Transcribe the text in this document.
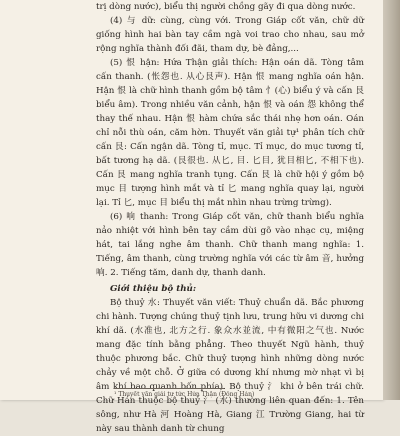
trị dòng nước), biểu thị người chồng gãy đi qua dòng nước.

(4) 与 dữ: cùng, cùng với. Trong Giáp cốt văn, chữ dữ giống hình hai bàn tay cầm ngà voi trao cho nhau, sau mở rộng nghĩa thành đối đãi, tham dự, bè đảng,...

(5) 恨 hận: Hứa Thận giải thích: Hận oán dã. Tòng tâm cấn thanh. (怅怨也. 从心艮声). Hận 恨 mang nghĩa oán hận. Hận 恨 là chữ hình thanh gồm bộ tâm 忄(心) biểu ý và cấn 艮 biểu âm). Trong nhiều văn cảnh, hận 恨 và oán 怨 không thể thay thế nhau. Hận 恨 hàm chứa sắc thái nhẹ hơn oán. Oán chỉ nỗi thù oán, căm hờn. Thuyết văn giải tự¹ phân tích chữ cấn 艮: Cấn ngận dã. Tòng tỉ, mục. Tỉ mục, do mục tương tỉ, bất tương hạ dã. (艮很也. 从匕, 目. 匕目, 犹目相匕, 不相下也). Cấn 艮 mang nghĩa tranh tụng. Cấn 艮 là chữ hội ý gồm bộ mục 目 tượng hình mắt và tỉ 匕 mang nghĩa quay lại, người lại. Tỉ 匕, mục 目 biểu thị mắt nhìn nhau trừng trừng).

(6) 响 thanh: Trong Giáp cốt văn, chữ thanh biểu nghĩa nảo nhiệt với hình bên tay cầm dùi gõ vào nhạc cụ, miệng hát, tai lắng nghe âm thanh. Chữ thanh mang nghĩa: 1. Tiếng, âm thanh, cùng trường nghĩa với các từ âm 音, hưởng 响. 2. Tiếng tăm, danh dự, thanh danh.

Giới thiệu bộ thủ:

Bộ thuỷ 水: Thuyết văn viết: Thuỷ chuẩn dã. Bắc phương chi hành. Tượng chúng thuỷ tịnh lưu, trung hữu vi dương chi khí dã. (水准也, 北方之行. 象众水並流, 中有微阳之气也. Nước mang đặc tính bằng phẳng. Theo thuyết Ngũ hành, thuỷ thuộc phương bắc. Chữ thuỷ tượng hình những dòng nước chảy về một chỗ. Ở giữa có dương khí nhưng mờ nhạt vì bị âm khí bao quanh bốn phía). Bộ thuỷ 氵 khi ở bên trái chữ. Chữ Hán thuộc bộ thuỷ 氵 (水) thường liên quan đến: 1. Tên sông, như Hà 河 Hoàng Hà, Giang 江 Trường Giang, hai từ này sau thành danh từ chung

¹ Thuyết văn giải tự tức Hứa Thận (Đông Hán)
